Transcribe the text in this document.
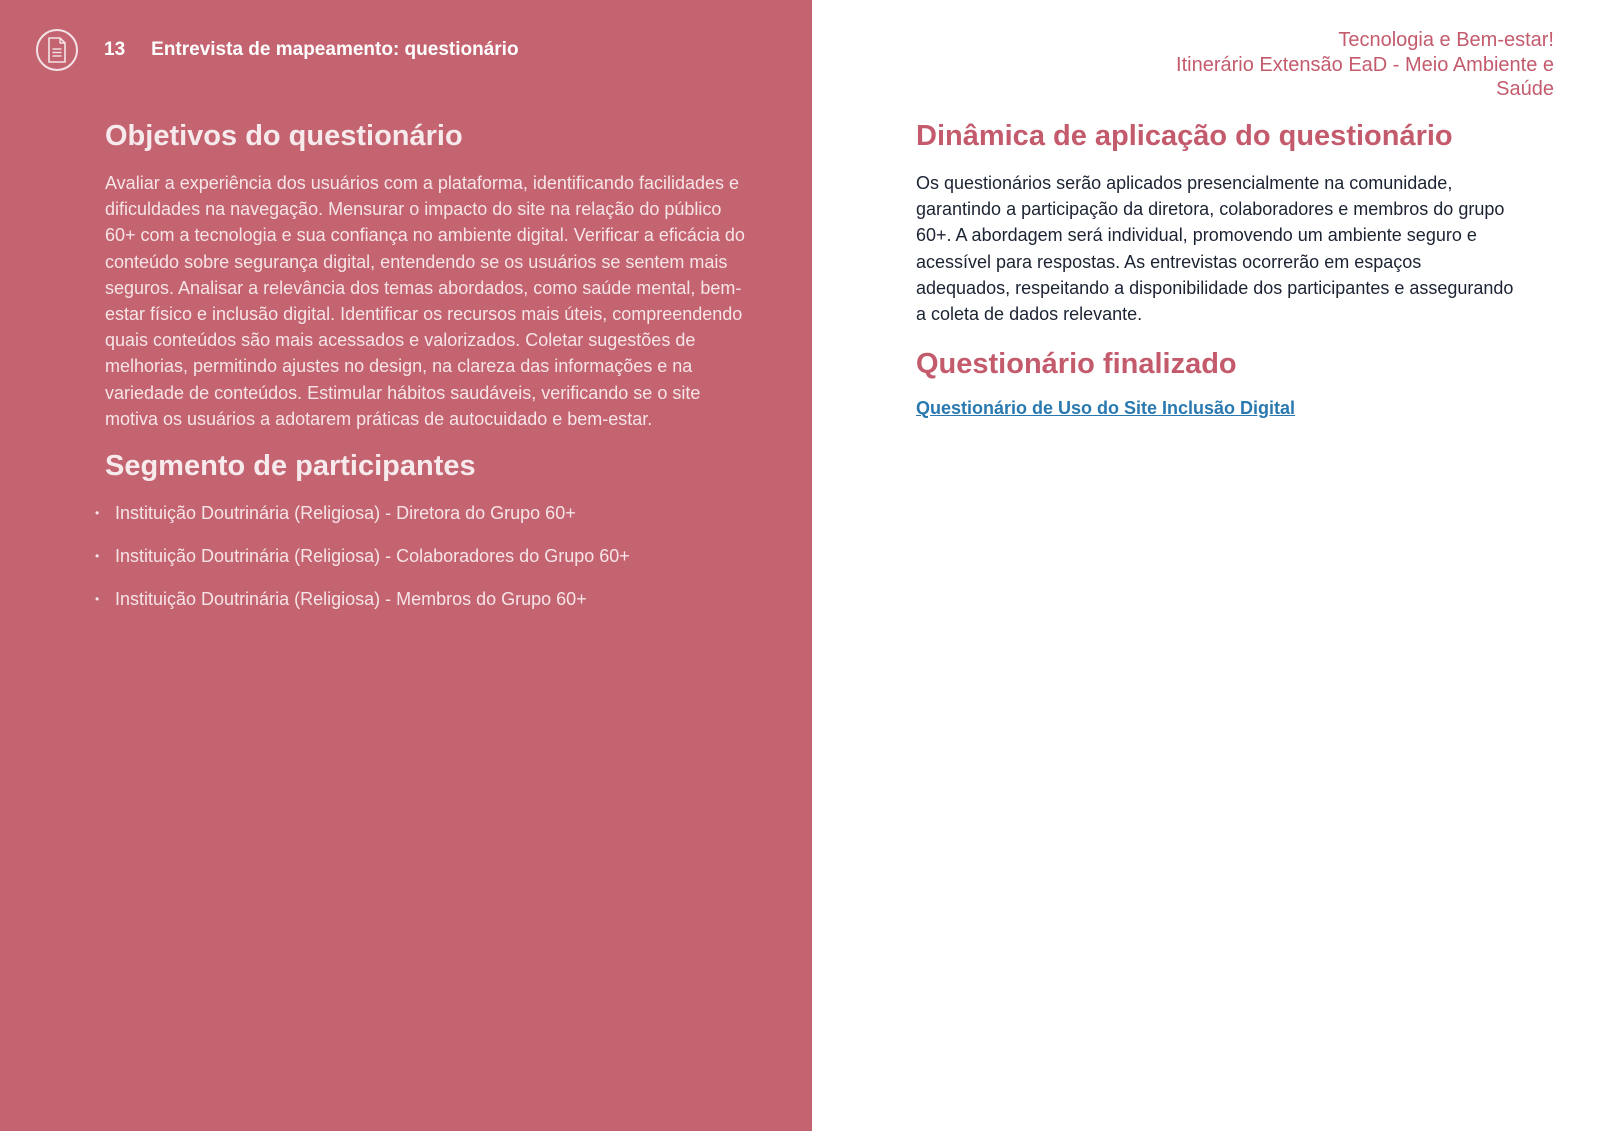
13 Entrevista de mapeamento: questionário
Objetivos do questionário

Avaliar a experiência dos usuários com a plataforma, identificando facilidades e dificuldades na navegação. Mensurar o impacto do site na relação do público 60+ com a tecnologia e sua confiança no ambiente digital. Verificar a eficácia do conteúdo sobre segurança digital, entendendo se os usuários se sentem mais seguros. Analisar a relevância dos temas abordados, como saúde mental, bem-estar físico e inclusão digital. Identificar os recursos mais úteis, compreendendo quais conteúdos são mais acessados e valorizados. Coletar sugestões de melhorias, permitindo ajustes no design, na clareza das informações e na variedade de conteúdos. Estimular hábitos saudáveis, verificando se o site motiva os usuários a adotarem práticas de autocuidado e bem-estar.

Segmento de participantes
• Instituição Doutrinária (Religiosa) - Diretora do Grupo 60+
• Instituição Doutrinária (Religiosa) - Colaboradores do Grupo 60+
• Instituição Doutrinária (Religiosa) - Membros do Grupo 60+
Tecnologia e Bem-estar!
Itinerário Extensão EaD - Meio Ambiente e
Saúde
Dinâmica de aplicação do questionário

Os questionários serão aplicados presencialmente na comunidade, garantindo a participação da diretora, colaboradores e membros do grupo 60+. A abordagem será individual, promovendo um ambiente seguro e acessível para respostas. As entrevistas ocorrerão em espaços adequados, respeitando a disponibilidade dos participantes e assegurando a coleta de dados relevante.

Questionário finalizado
Questionário de Uso do Site Inclusão Digital
